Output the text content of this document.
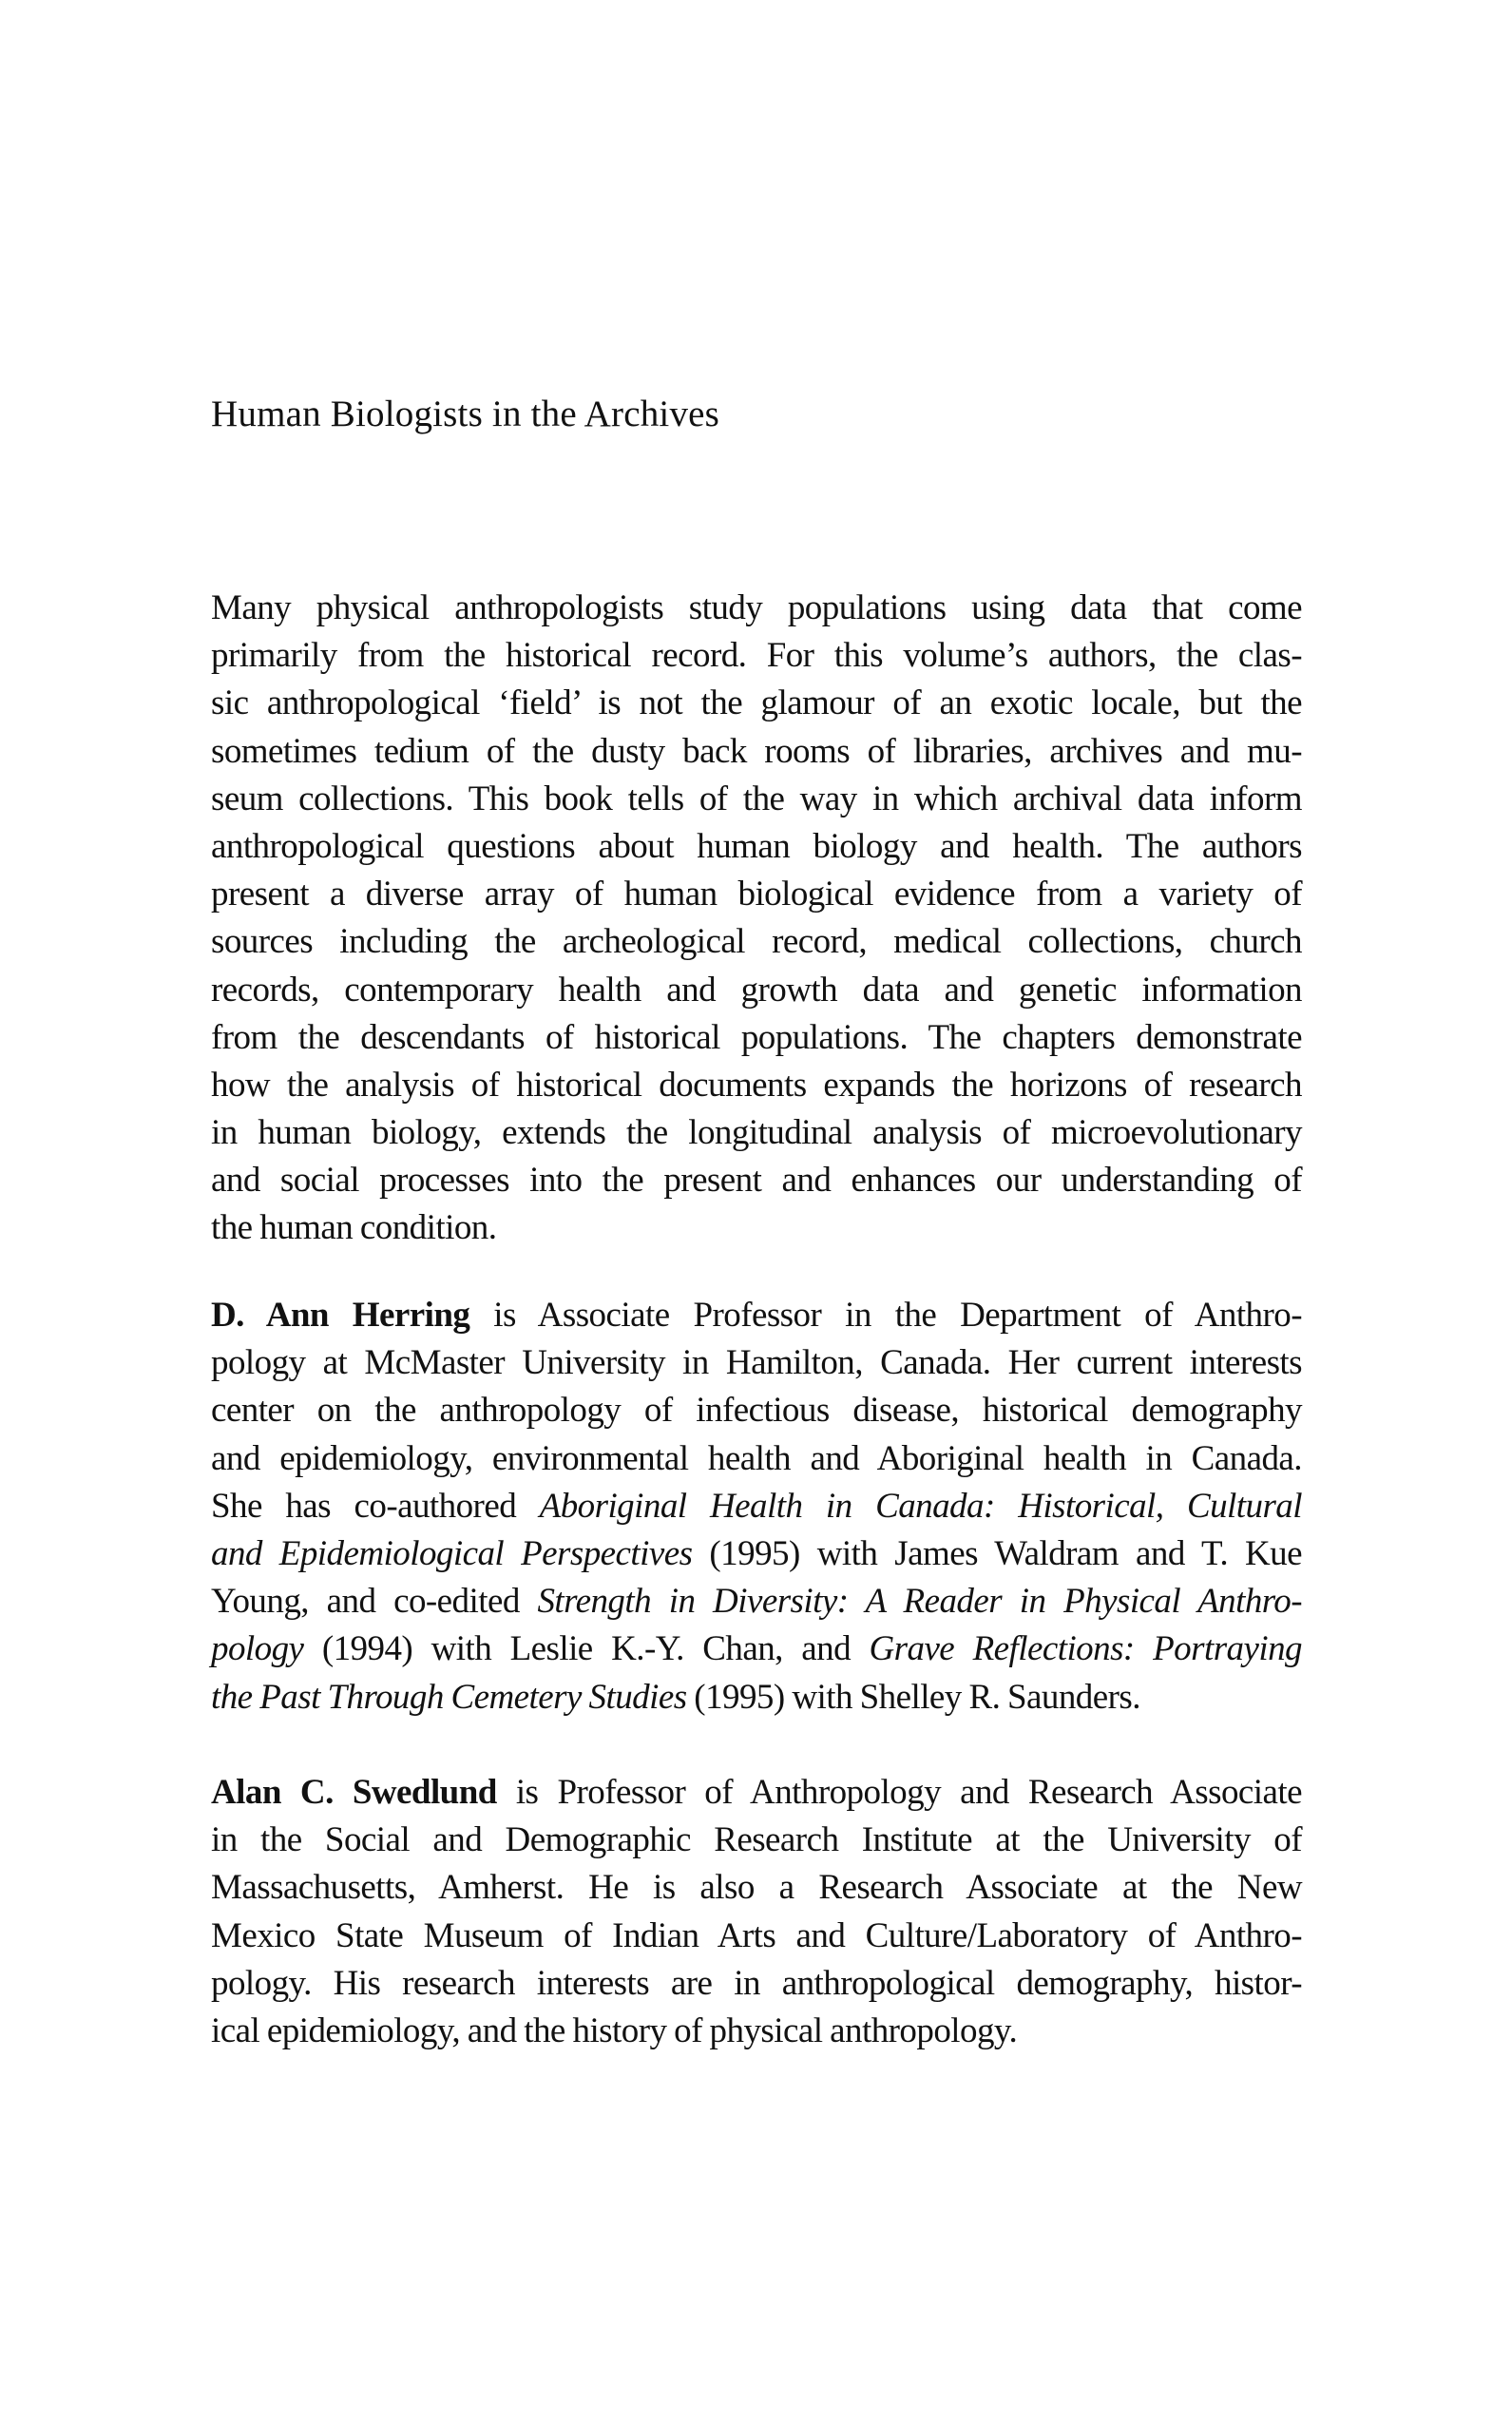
Human Biologists in the Archives
Many physical anthropologists study populations using data that come
primarily from the historical record. For this volume’s authors, the clas-
sic anthropological ‘field’ is not the glamour of an exotic locale, but the
sometimes tedium of the dusty back rooms of libraries, archives and mu-
seum collections. This book tells of the way in which archival data inform
anthropological questions about human biology and health. The authors
present a diverse array of human biological evidence from a variety of
sources including the archeological record, medical collections, church
records, contemporary health and growth data and genetic information
from the descendants of historical populations. The chapters demonstrate
how the analysis of historical documents expands the horizons of research
in human biology, extends the longitudinal analysis of microevolutionary
and social processes into the present and enhances our understanding of
the human condition.
D. Ann Herring is Associate Professor in the Department of Anthro-
pology at McMaster University in Hamilton, Canada. Her current interests
center on the anthropology of infectious disease, historical demography
and epidemiology, environmental health and Aboriginal health in Canada.
She has co-authored Aboriginal Health in Canada: Historical, Cultural
and Epidemiological Perspectives (1995) with James Waldram and T. Kue
Young, and co-edited Strength in Diversity: A Reader in Physical Anthro-
pology (1994) with Leslie K.-Y. Chan, and Grave Reflections: Portraying
the Past Through Cemetery Studies (1995) with Shelley R. Saunders.
Alan C. Swedlund is Professor of Anthropology and Research Associate
in the Social and Demographic Research Institute at the University of
Massachusetts, Amherst. He is also a Research Associate at the New
Mexico State Museum of Indian Arts and Culture/Laboratory of Anthro-
pology. His research interests are in anthropological demography, histor-
ical epidemiology, and the history of physical anthropology.
